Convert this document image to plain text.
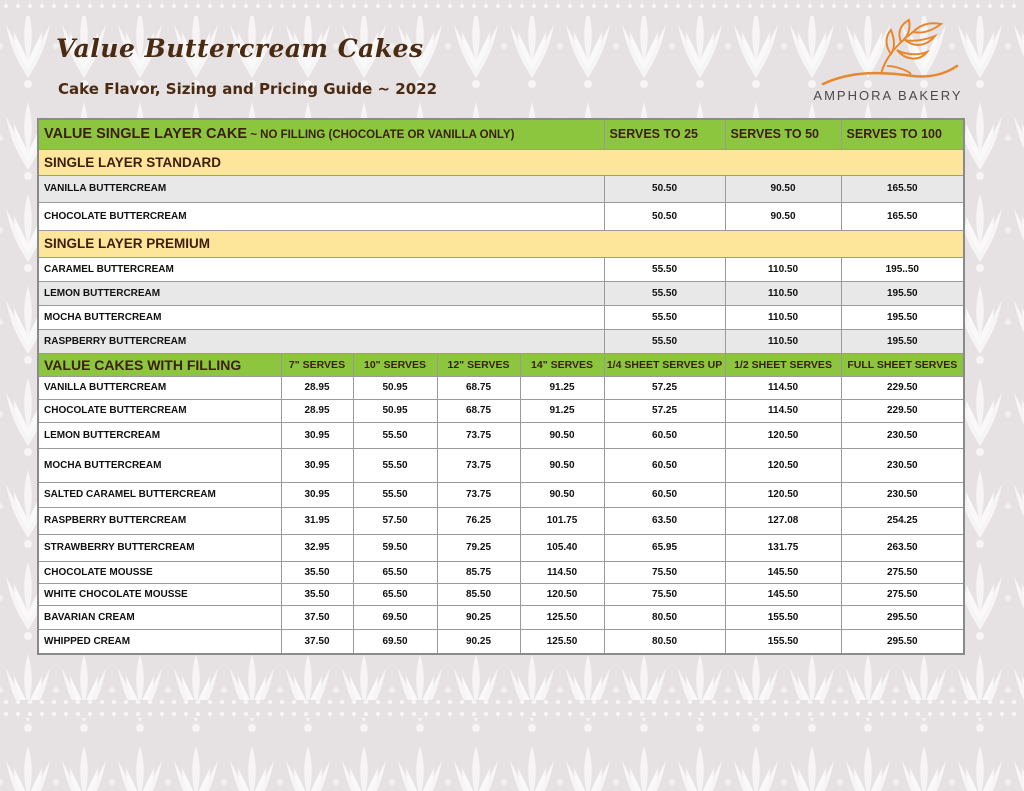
Value Buttercream Cakes
Cake Flavor, Sizing and Pricing Guide ~ 2022	AMPHORA BAKERY
VALUE SINGLE LAYER CAKE ~ NO FILLING (CHOCOLATE OR VANILLA ONLY)					SERVES TO 25	SERVES TO 50	SERVES TO 100
SINGLE LAYER STANDARD							
VANILLA BUTTERCREAM					50.50	90.50	165.50
CHOCOLATE BUTTERCREAM					50.50	90.50	165.50
SINGLE LAYER PREMIUM							
CARAMEL BUTTERCREAM					55.50	110.50	195..50
LEMON BUTTERCREAM					55.50	110.50	195.50
MOCHA BUTTERCREAM					55.50	110.50	195.50
RASPBERRY BUTTERCREAM					55.50	110.50	195.50
VALUE CAKES WITH FILLING	7" SERVES	10" SERVES	12" SERVES	14" SERVES	1/4 SHEET SERVES UP	1/2 SHEET SERVES	FULL SHEET SERVES
VANILLA BUTTERCREAM	28.95	50.95	68.75	91.25	57.25	114.50	229.50
CHOCOLATE BUTTERCREAM	28.95	50.95	68.75	91.25	57.25	114.50	229.50
LEMON BUTTERCREAM	30.95	55.50	73.75	90.50	60.50	120.50	230.50
MOCHA BUTTERCREAM	30.95	55.50	73.75	90.50	60.50	120.50	230.50
SALTED CARAMEL BUTTERCREAM	30.95	55.50	73.75	90.50	60.50	120.50	230.50
RASPBERRY BUTTERCREAM	31.95	57.50	76.25	101.75	63.50	127.08	254.25
STRAWBERRY BUTTERCREAM	32.95	59.50	79.25	105.40	65.95	131.75	263.50
CHOCOLATE MOUSSE	35.50	65.50	85.75	114.50	75.50	145.50	275.50
WHITE CHOCOLATE MOUSSE	35.50	65.50	85.50	120.50	75.50	145.50	275.50
BAVARIAN CREAM	37.50	69.50	90.25	125.50	80.50	155.50	295.50
WHIPPED CREAM	37.50	69.50	90.25	125.50	80.50	155.50	295.50
